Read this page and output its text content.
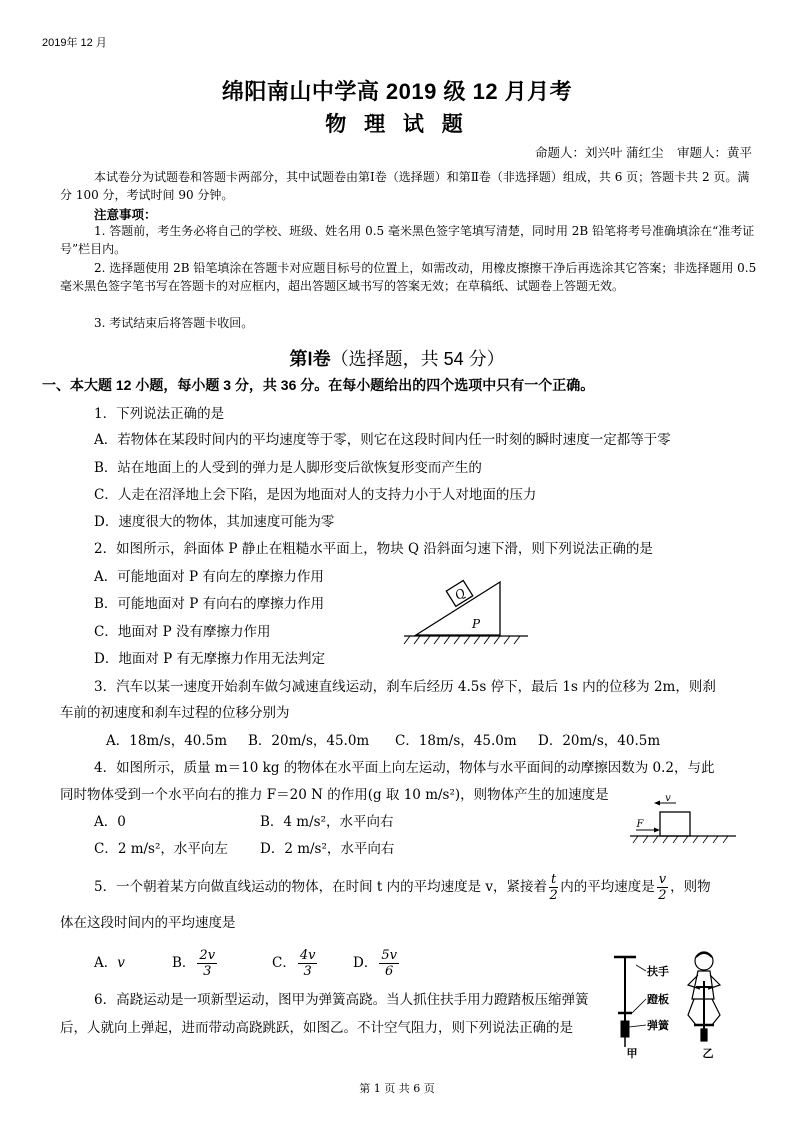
2019年 12 月
绵阳南山中学高 2019 级 12 月月考
物 理 试 题
命题人：刘兴叶 蒲红尘 审题人：黄平
本试卷分为试题卷和答题卡两部分，其中试题卷由第Ⅰ卷（选择题）和第Ⅱ卷（非选择题）组成，共 6 页；答题卡共 2 页。满分 100 分，考试时间 90 分钟。
注意事项：
1. 答题前，考生务必将自己的学校、班级、姓名用 0.5 毫米黑色签字笔填写清楚，同时用 2B 铅笔将考号准确填涂在“准考证号”栏目内。
2. 选择题使用 2B 铅笔填涂在答题卡对应题目标号的位置上，如需改动，用橡皮擦擦干净后再选涂其它答案；非选择题用 0.5 毫米黑色签字笔书写在答题卡的对应框内，超出答题区域书写的答案无效；在草稿纸、试题卷上答题无效。
3. 考试结束后将答题卡收回。
第Ⅰ卷（选择题，共 54 分）
一、本大题 12 小题，每小题 3 分，共 36 分。在每小题给出的四个选项中只有一个正确。
1．下列说法正确的是
A．若物体在某段时间内的平均速度等于零，则它在这段时间内任一时刻的瞬时速度一定都等于零
B．站在地面上的人受到的弹力是人脚形变后欲恢复形变而产生的
C．人走在沼泽地上会下陷，是因为地面对人的支持力小于人对地面的压力
D．速度很大的物体，其加速度可能为零
2．如图所示，斜面体 P 静止在粗糙水平面上，物块 Q 沿斜面匀速下滑，则下列说法正确的是
A．可能地面对 P 有向左的摩擦力作用
B．可能地面对 P 有向右的摩擦力作用
C．地面对 P 没有摩擦力作用
D．地面对 P 有无摩擦力作用无法判定
Q
P
3．汽车以某一速度开始刹车做匀减速直线运动，刹车后经历 4.5s 停下，最后 1s 内的位移为 2m，则刹
车前的初速度和刹车过程的位移分别为
A．18m/s，40.5m B．20m/s，45.0m C．18m/s，45.0m D．20m/s，40.5m
4．如图所示，质量 m＝10 kg 的物体在水平面上向左运动，物体与水平面间的动摩擦因数为 0.2，与此
同时物体受到一个水平向右的推力 F＝20 N 的作用(g 取 10 m/s²)，则物体产生的加速度是
A．0	B．4 m/s²，水平向右
C．2 m/s²，水平向左 D．2 m/s²，水平向右
v
F
5．一个朝着某方向做直线运动的物体，在时间 t 内的平均速度是 v，紧接着 $\frac{t}{2}$ 内的平均速度是 $\frac{v}{2}$ ，则物
体在这段时间内的平均速度是
A．v	B． $\frac{2v}{3}$	C． $\frac{4v}{3}$	D． $\frac{5v}{6}$
6．高跷运动是一项新型运动，图甲为弹簧高跷。当人抓住扶手用力蹬踏板压缩弹簧后，人就向上弹起，进而带动高跷跳跃，如图乙。不计空气阻力，则下列说法正确的是
扶手
蹬板
弹簧
甲	乙
第 1 页 共 6 页
